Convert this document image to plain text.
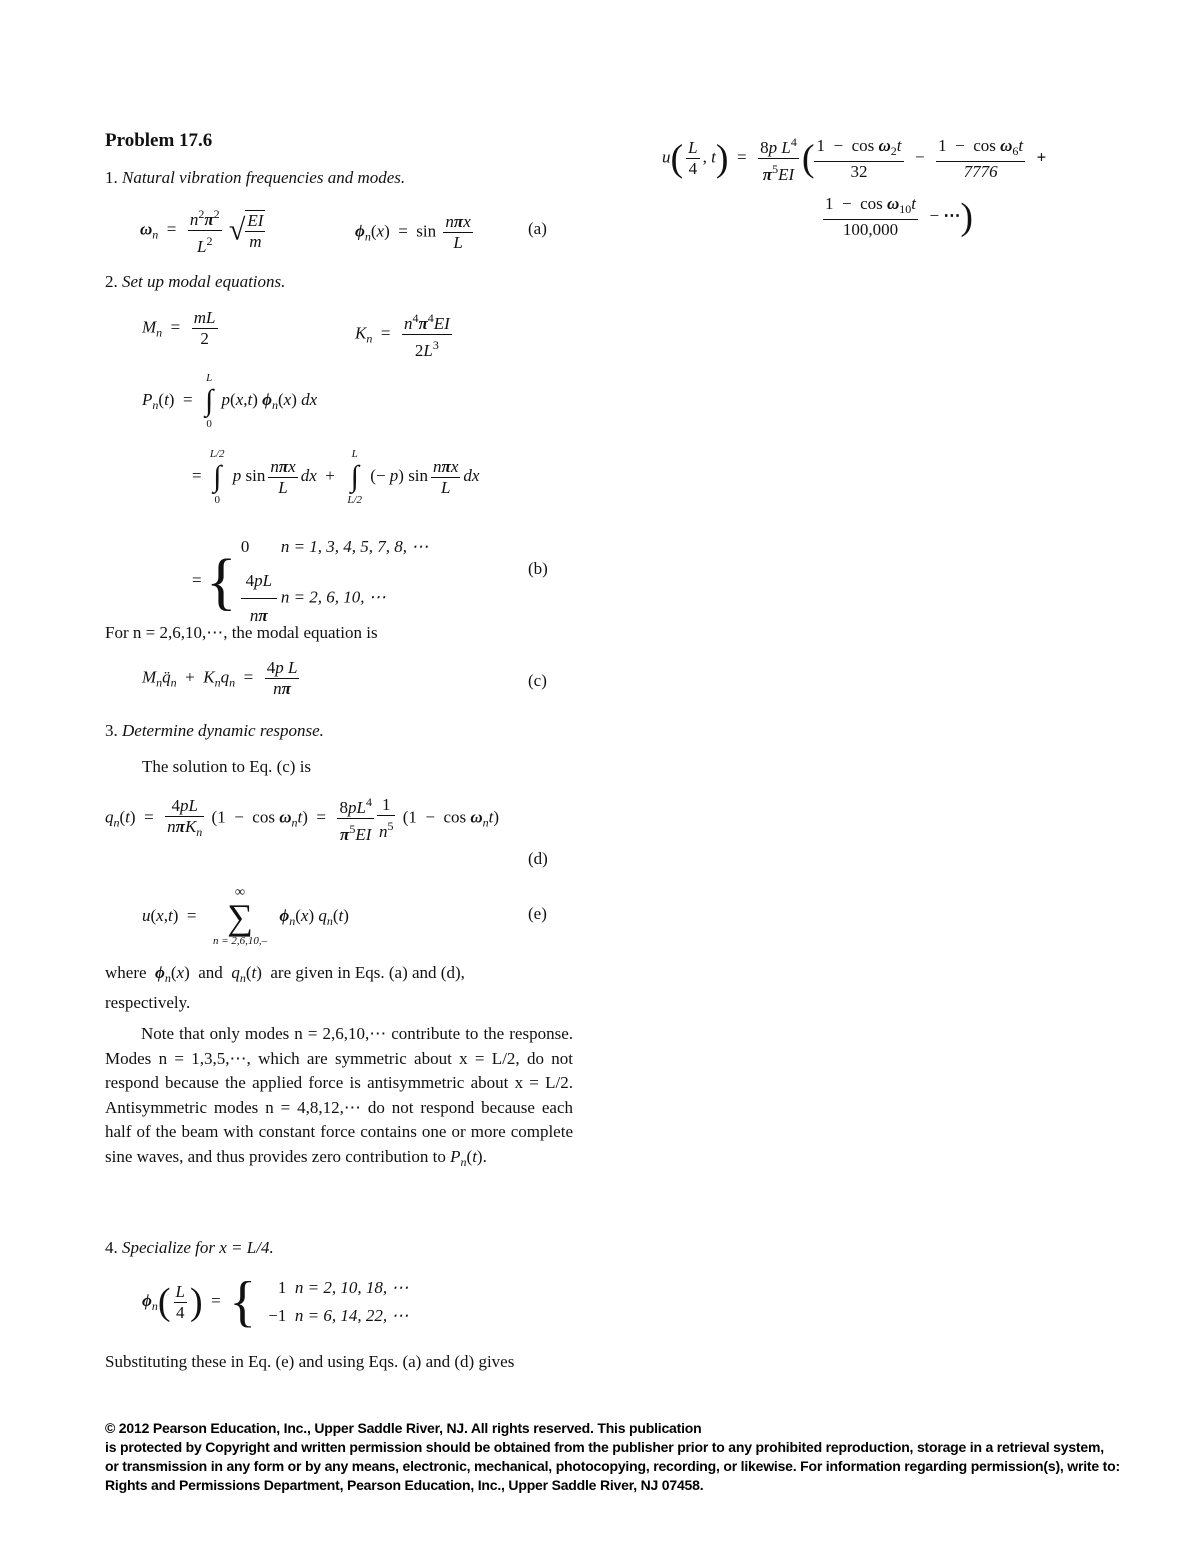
Problem 17.6
1. Natural vibration frequencies and modes.
$\omega_n = \frac{n^2\pi^2}{L^2}$ √ $\frac{EI}{m}$	$\phi_n(x) = \sin \frac{\text{nπx}}{L}$	(a)
2. Set up modal equations.
$M_n = \frac{mL}{2}$	$K_n = \frac{n^4\pi^4EI}{2L^3}$
$P_n(t)$  =
L
∫
0
p(x,t) $\phi_n(x)$ dx
=
L/2
∫
0
p $\sin \frac{\text{nπx}}{L}$ dx  +
L
∫
L/2
(− p) $\sin \frac{\text{nπx}}{L}$ dx
= { 0 n = 1, 3, 4, 5, 7, 8, ⋯
$\frac{4pL}{n\pi}$ n = 2, 6, 10, ⋯
(b)
For n = 2,6,10,⋯, the modal equation is
$M_nq̈_n + K_nq_n = \frac{\text{4p L}}{n\pi}$	(c)
3. Determine dynamic response.
The solution to Eq. (c) is
$q_n(t) = \frac{4pL}{n\pi K_n} (1 - \cos \omega_nt) = \frac{8pL^4}{\pi^5EI} \frac{1}{n^5} (1 - \cos \omega_nt)$
(d)
u(x,t)  =
∞
∑
n = 2,6,10,–
$\phi_n(x)$ $q_n(t)$	(e)
where  $\phi_n(x)$  and $q_n(t)$  are given in Eqs. (a) and (d),
respectively.
Note that only modes n = 2,6,10,⋯ contribute to the response. Modes n = 1,3,5,⋯, which are symmetric about x = L/2, do not respond because the applied force is antisymmetric about x = L/2. Antisymmetric modes n = 4,8,12,⋯ do not respond because each half of the beam with constant force contains one or more complete sine waves, and thus provides zero contribution to $P_n(t)$.
4. Specialize for x = L/4.
$\phi_n( \frac{L}{4}$ )  =  {	1 n = 2, 10, 18, ⋯
−1 n = 6, 14, 22, ⋯
Substituting these in Eq. (e) and using Eqs. (a) and (d) gives
$u( \frac{L}{4}$ , $t) = \frac{8p L^4}{\pi^5EI}$ ( $\frac{1 - \cos \omega_2t}{32} - \frac{1 - \cos \omega_6t}{7776}$ +
$\frac{1 - \cos \omega_{10}t}{100,000}$ − ⋯)
© 2012 Pearson Education, Inc., Upper Saddle River, NJ. All rights reserved. This publication
is protected by Copyright and written permission should be obtained from the publisher prior to any prohibited reproduction, storage in a retrieval system,
or transmission in any form or by any means, electronic, mechanical, photocopying, recording, or likewise. For information regarding permission(s), write to:
Rights and Permissions Department, Pearson Education, Inc., Upper Saddle River, NJ 07458.
